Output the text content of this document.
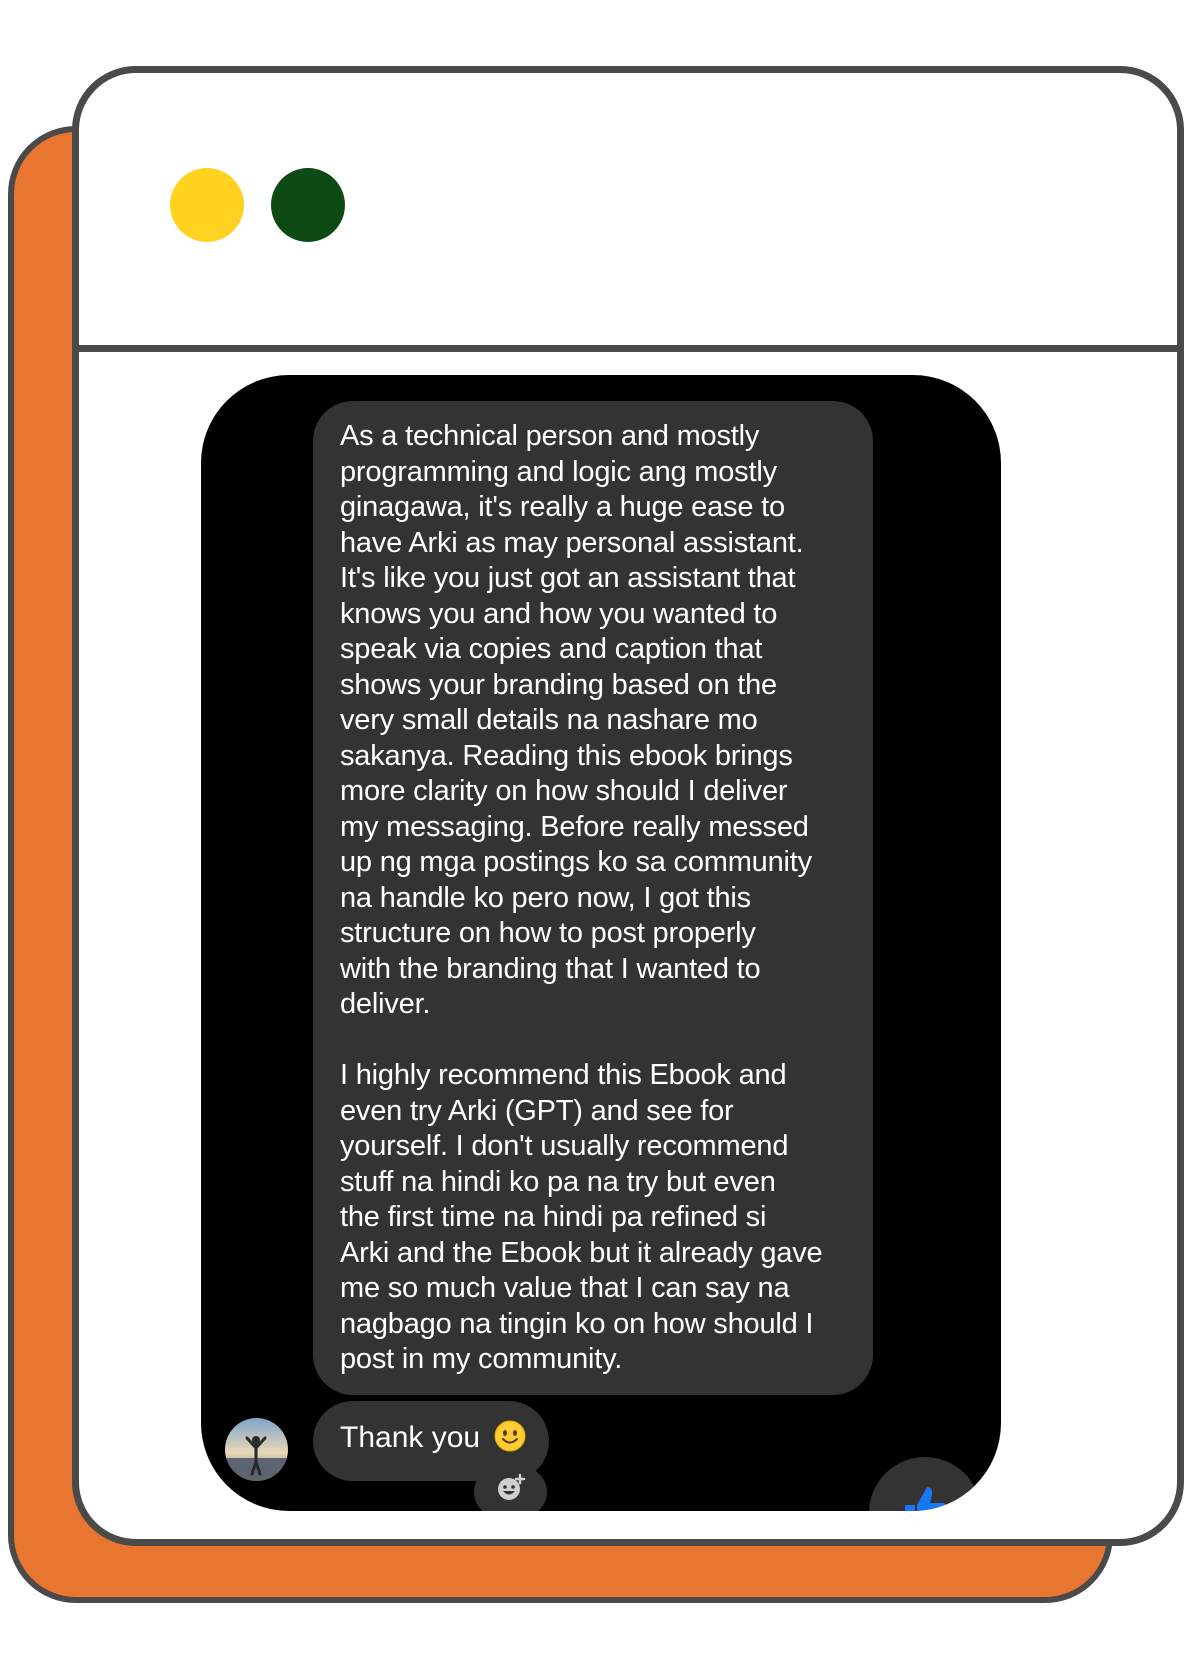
As a technical person and mostly
programming and logic ang mostly
ginagawa, it's really a huge ease to
have Arki as may personal assistant.
It's like you just got an assistant that
knows you and how you wanted to
speak via copies and caption that
shows your branding based on the
very small details na nashare mo
sakanya. Reading this ebook brings
more clarity on how should I deliver
my messaging. Before really messed
up ng mga postings ko sa community
na handle ko pero now, I got this
structure on how to post properly
with the branding that I wanted to
deliver.

I highly recommend this Ebook and
even try Arki (GPT) and see for
yourself. I don't usually recommend
stuff na hindi ko pa na try but even
the first time na hindi pa refined si
Arki and the Ebook but it already gave
me so much value that I can say na
nagbago na tingin ko on how should I
post in my community.
Thank you
